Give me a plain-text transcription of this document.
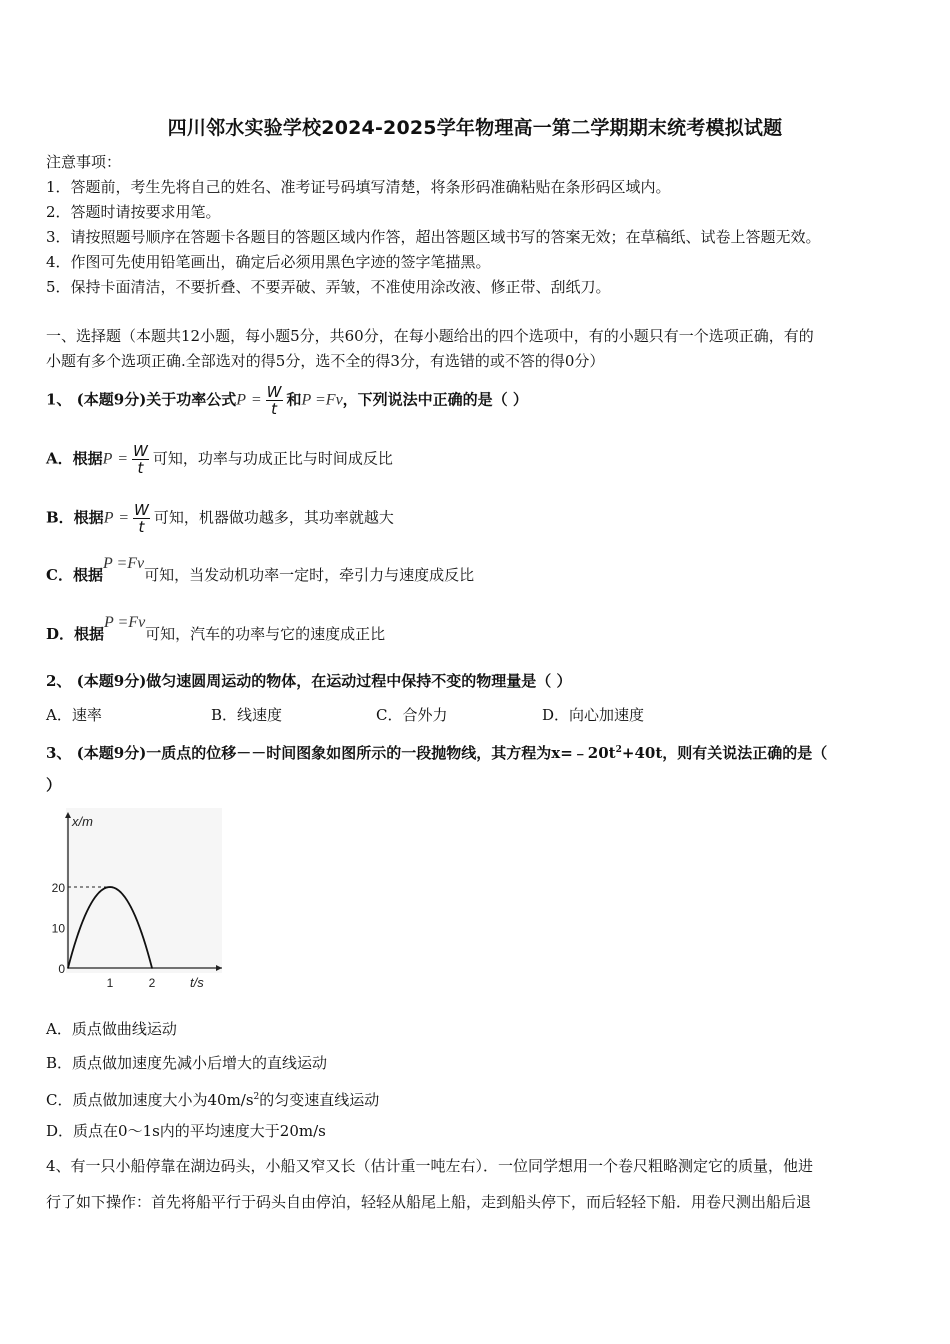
四川邻水实验学校2024-2025学年物理高一第二学期期末统考模拟试题
注意事项：
1．答题前，考生先将自己的姓名、准考证号码填写清楚，将条形码准确粘贴在条形码区域内。
2．答题时请按要求用笔。
3．请按照题号顺序在答题卡各题目的答题区域内作答，超出答题区域书写的答案无效；在草稿纸、试卷上答题无效。
4．作图可先使用铅笔画出，确定后必须用黑色字迹的签字笔描黑。
5．保持卡面清洁，不要折叠、不要弄破、弄皱，不准使用涂改液、修正带、刮纸刀。
一、选择题（本题共12小题，每小题5分，共60分，在每小题给出的四个选项中，有的小题只有一个选项正确，有的
小题有多个选项正确.全部选对的得5分，选不全的得3分，有选错的或不答的得0分）
1、 (本题9分)关于功率公式$P = \frac{W}{t}$ 和P =Fv，下列说法中正确的是（ ）
A．根据$P = \frac{W}{t}$ 可知，功率与功成正比与时间成反比
B．根据$P = \frac{W}{t}$ 可知，机器做功越多，其功率就越大
C．根据P =Fv可知，当发动机功率一定时，牵引力与速度成反比
D．根据P =Fv可知，汽车的功率与它的速度成正比
2、 (本题9分)做匀速圆周运动的物体，在运动过程中保持不变的物理量是（ ）
A．速率	B．线速度	C．合外力	D．向心加速度
3、 (本题9分)一质点的位移－－时间图象如图所示的一段抛物线，其方程为$x=﹣20t^2+40t$，则有关说法正确的是（
）
x/m
t/s
0
10
20
1	2
A．质点做曲线运动
B．质点做加速度先减小后增大的直线运动
C．质点做加速度大小为$40m/s^2$的匀变速直线运动
D．质点在0～1s内的平均速度大于20m/s
4、有一只小船停靠在湖边码头，小船又窄又长（估计重一吨左右）．一位同学想用一个卷尺粗略测定它的质量，他进
行了如下操作：首先将船平行于码头自由停泊，轻轻从船尾上船，走到船头停下，而后轻轻下船．用卷尺测出船后退
